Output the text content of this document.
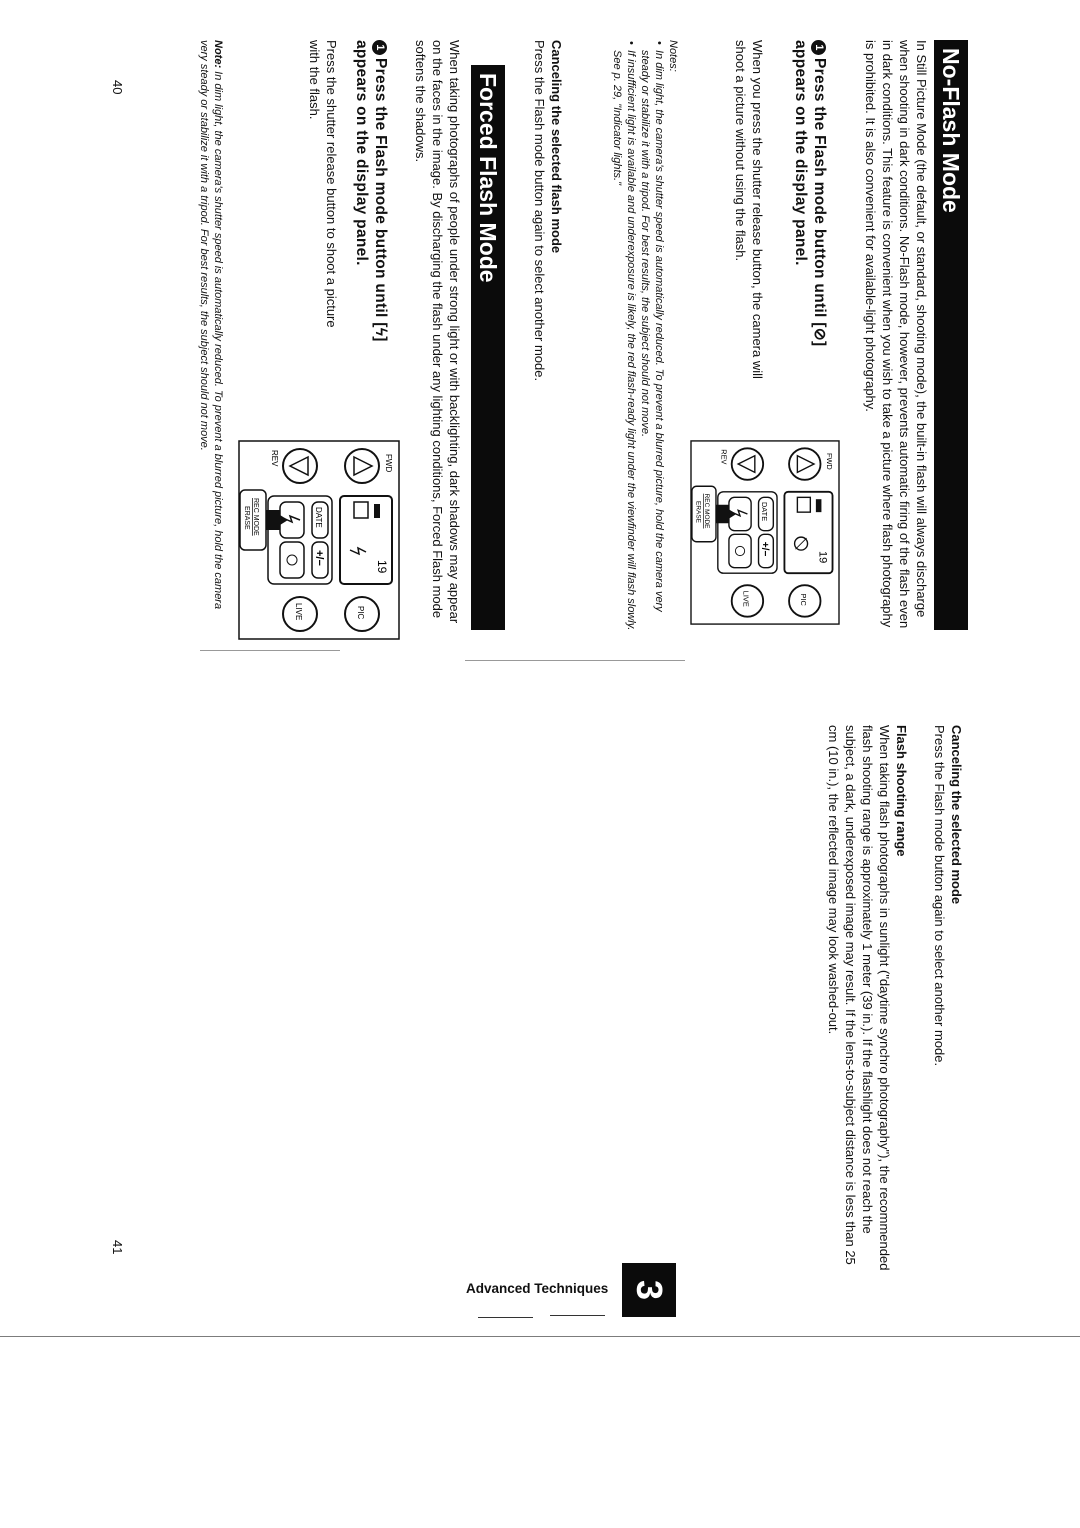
No-Flash Mode
In Still Picture Mode (the default, or standard, shooting mode), the built-in flash will always discharge when shooting in dark conditions. No-Flash mode, however, prevents automatic firing of the flash even in dark conditions. This feature is convenient when you wish to take a picture where flash photography is prohibited. It is also convenient for available-light photography.
1Press the Flash mode button until [⊘] appears on the display panel.
When you press the shutter release button, the camera will shoot a picture without using the flash.
Notes:
• In dim light, the camera's shutter speed is automatically reduced. To prevent a blurred picture, hold the camera very steady or stabilize it with a tripod. For best results, the subject should not move.
• If insufficient light is available and underexposure is likely, the red flash-ready light under the viewfinder will flash slowly. See p. 29, "Indicator lights."
Canceling the selected flash mode
Press the Flash mode button again to select another mode.
FWD
REV
19
PIC
LIVE
DATE
+/−
REC MODE
ERASE
Forced Flash Mode
When taking photographs of people under strong light or with backlighting, dark shadows may appear on the faces in the image. By discharging the flash under any lighting conditions, Forced Flash mode softens the shadows.
1Press the Flash mode button until [ϟ] appears on the display panel.
Press the shutter release button to shoot a picture with the flash.
FWD
REV
19
PIC
LIVE
DATE
+/−
REC MODE
ERASE
Note: In dim light, the camera's shutter speed is automatically reduced. To prevent a blurred picture, hold the camera very steady or stabilize it with a tripod. For best results, the subject should not move.
40
Canceling the selected mode
Press the Flash mode button again to select another mode.
Flash shooting range
When taking flash photographs in sunlight ("daytime synchro photography"), the recommended flash shooting range is approximately 1 meter (39 in.). If the flashlight does not reach the subject, a dark, underexposed image may result. If the lens-to-subject distance is less than 25 cm (10 in.), the reflected image may look washed-out.
41
Advanced Techniques 3
